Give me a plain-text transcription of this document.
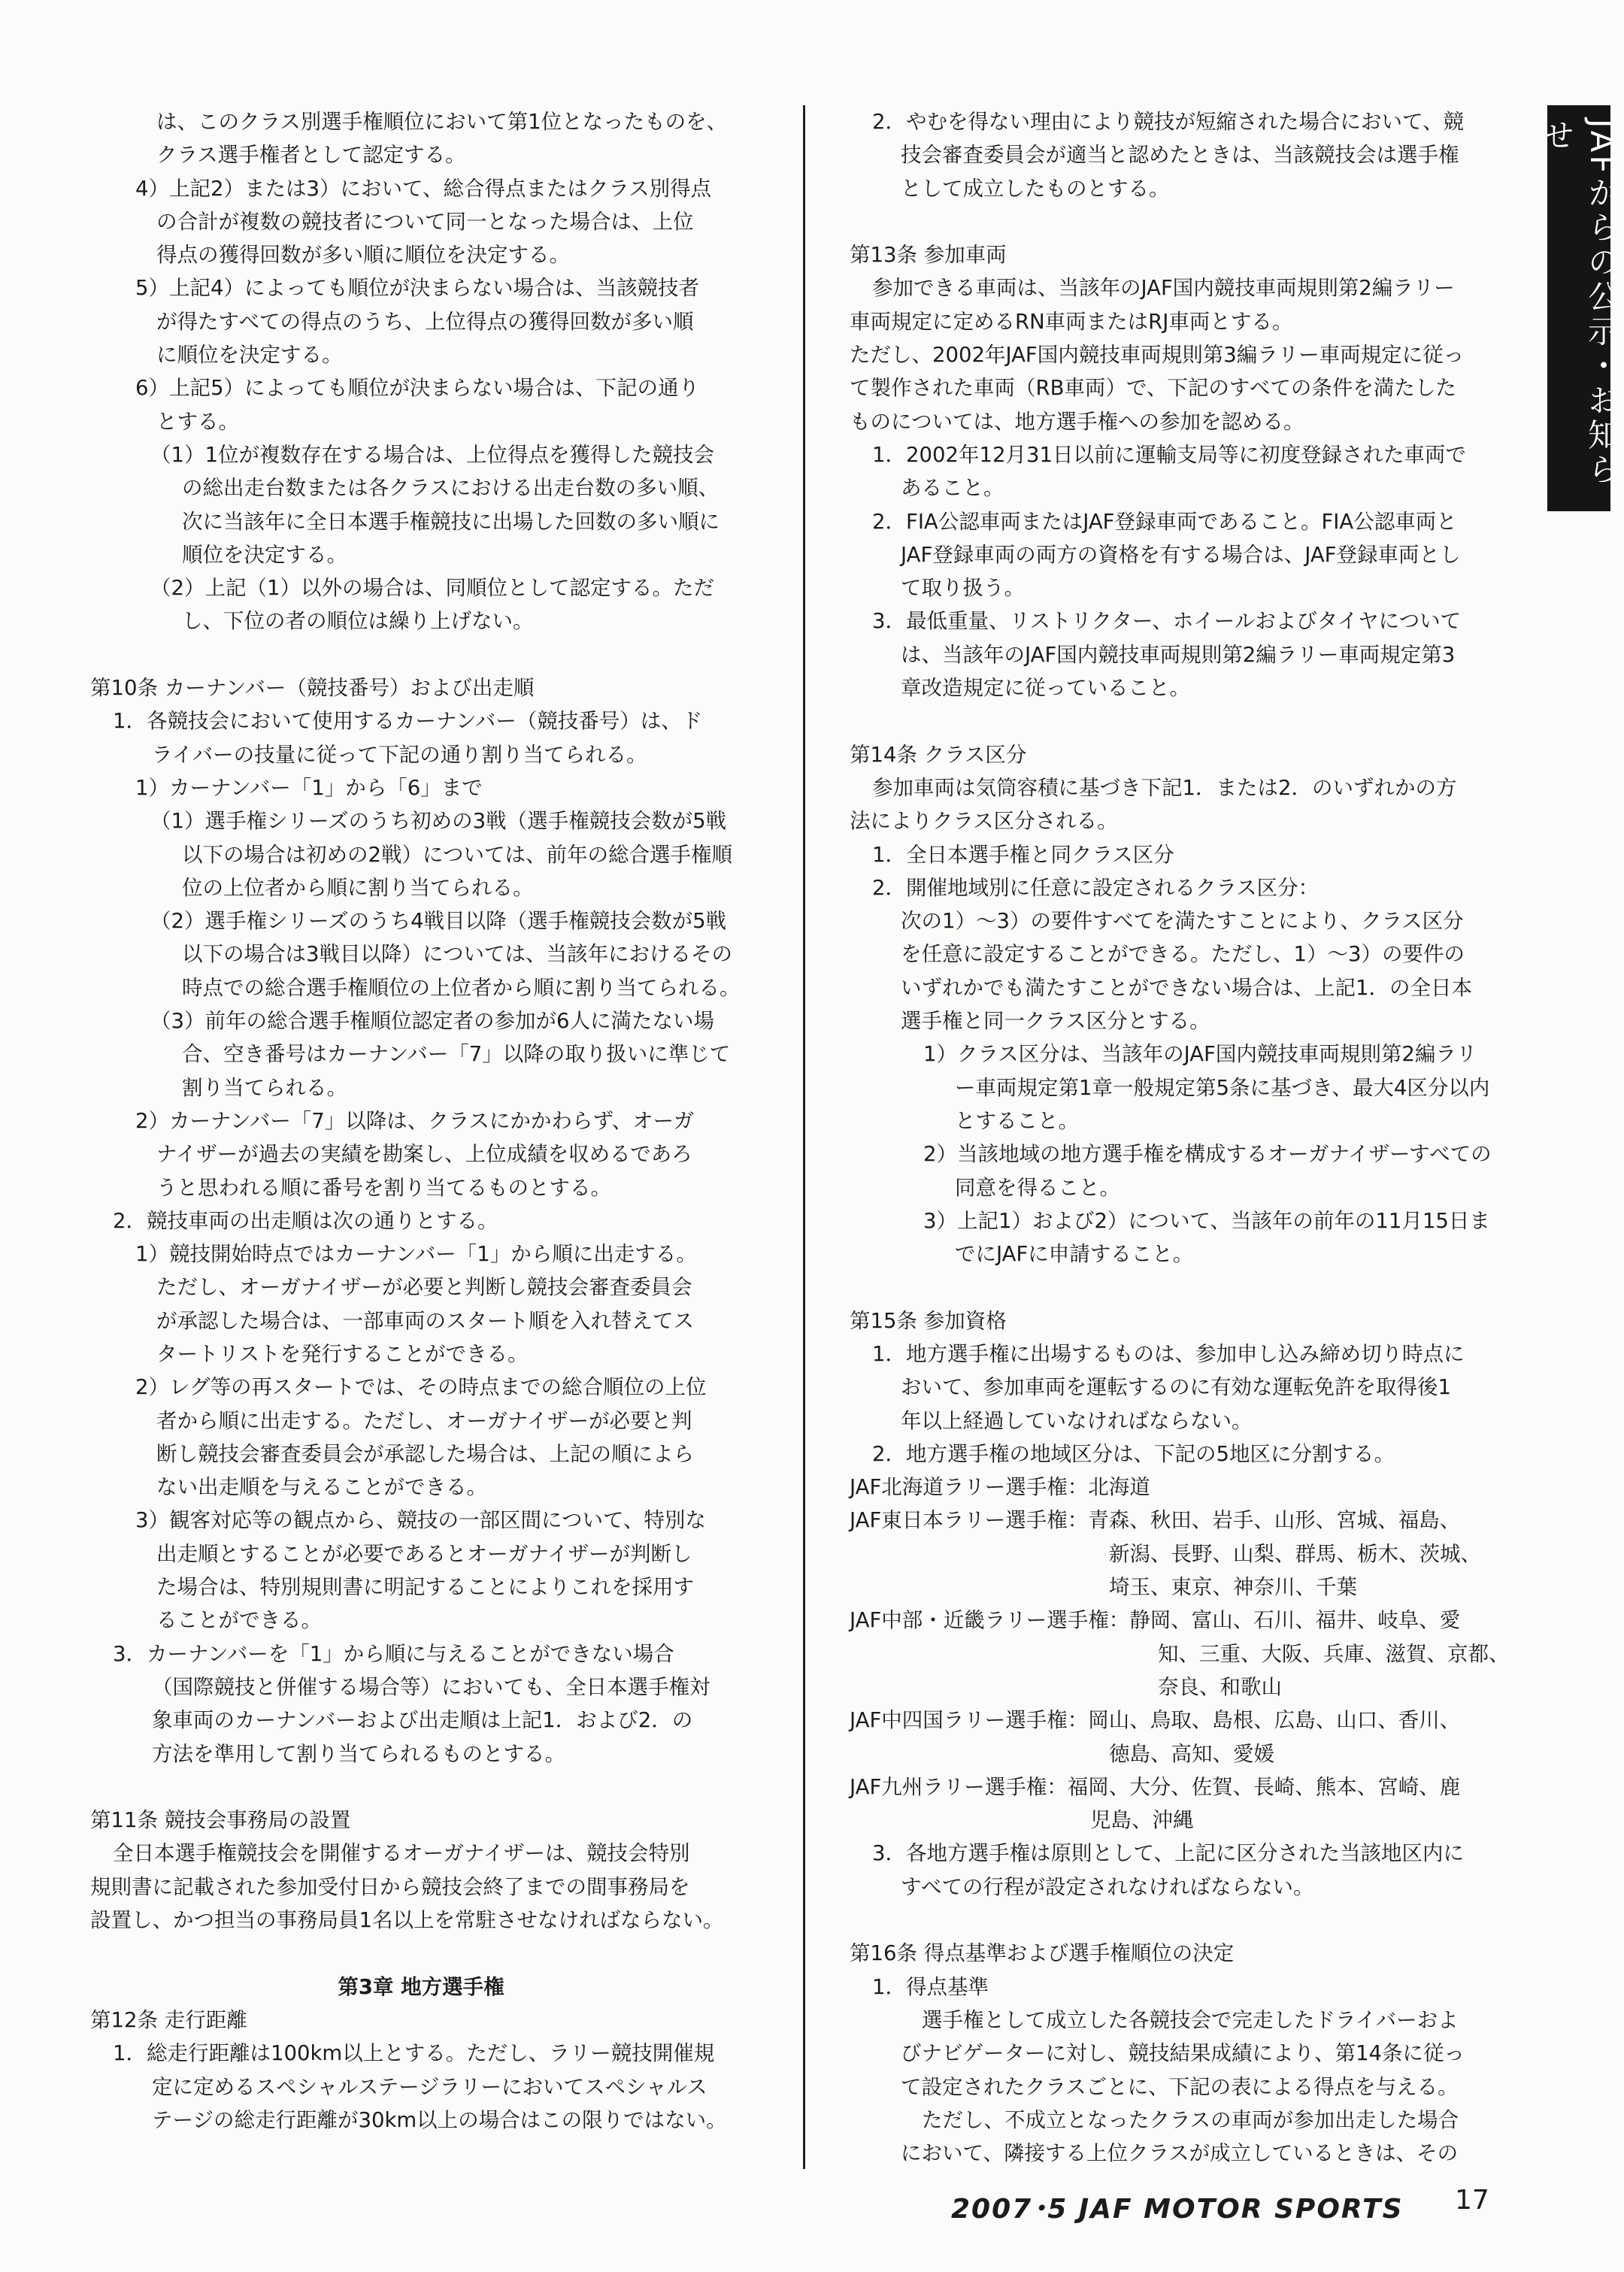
は、このクラス別選手権順位において第1位となったものを、
クラス選手権者として認定する。
4）上記2）または3）において、総合得点またはクラス別得点
の合計が複数の競技者について同一となった場合は、上位
得点の獲得回数が多い順に順位を決定する。
5）上記4）によっても順位が決まらない場合は、当該競技者
が得たすべての得点のうち、上位得点の獲得回数が多い順
に順位を決定する。
6）上記5）によっても順位が決まらない場合は、下記の通り
とする。
（1）1位が複数存在する場合は、上位得点を獲得した競技会
の総出走台数または各クラスにおける出走台数の多い順、
次に当該年に全日本選手権競技に出場した回数の多い順に
順位を決定する。
（2）上記（1）以外の場合は、同順位として認定する。ただ
し、下位の者の順位は繰り上げない。
第10条 カーナンバー（競技番号）および出走順
1．各競技会において使用するカーナンバー（競技番号）は、ド
ライバーの技量に従って下記の通り割り当てられる。
1）カーナンバー「1」から「6」まで
（1）選手権シリーズのうち初めの3戦（選手権競技会数が5戦
以下の場合は初めの2戦）については、前年の総合選手権順
位の上位者から順に割り当てられる。
（2）選手権シリーズのうち4戦目以降（選手権競技会数が5戦
以下の場合は3戦目以降）については、当該年におけるその
時点での総合選手権順位の上位者から順に割り当てられる。
（3）前年の総合選手権順位認定者の参加が6人に満たない場
合、空き番号はカーナンバー「7」以降の取り扱いに準じて
割り当てられる。
2）カーナンバー「7」以降は、クラスにかかわらず、オーガ
ナイザーが過去の実績を勘案し、上位成績を収めるであろ
うと思われる順に番号を割り当てるものとする。
2．競技車両の出走順は次の通りとする。
1）競技開始時点ではカーナンバー「1」から順に出走する。
ただし、オーガナイザーが必要と判断し競技会審査委員会
が承認した場合は、一部車両のスタート順を入れ替えてス
タートリストを発行することができる。
2）レグ等の再スタートでは、その時点までの総合順位の上位
者から順に出走する。ただし、オーガナイザーが必要と判
断し競技会審査委員会が承認した場合は、上記の順によら
ない出走順を与えることができる。
3）観客対応等の観点から、競技の一部区間について、特別な
出走順とすることが必要であるとオーガナイザーが判断し
た場合は、特別規則書に明記することによりこれを採用す
ることができる。
3．カーナンバーを「1」から順に与えることができない場合
（国際競技と併催する場合等）においても、全日本選手権対
象車両のカーナンバーおよび出走順は上記1．および2．の
方法を準用して割り当てられるものとする。
第11条 競技会事務局の設置
全日本選手権競技会を開催するオーガナイザーは、競技会特別
規則書に記載された参加受付日から競技会終了までの間事務局を
設置し、かつ担当の事務局員1名以上を常駐させなければならない。
第3章 地方選手権
第12条 走行距離
1．総走行距離は100km以上とする。ただし、ラリー競技開催規
定に定めるスペシャルステージラリーにおいてスペシャルス
テージの総走行距離が30km以上の場合はこの限りではない。
2．やむを得ない理由により競技が短縮された場合において、競
技会審査委員会が適当と認めたときは、当該競技会は選手権
として成立したものとする。
第13条 参加車両
参加できる車両は、当該年のJAF国内競技車両規則第2編ラリー
車両規定に定めるRN車両またはRJ車両とする。
ただし、2002年JAF国内競技車両規則第3編ラリー車両規定に従っ
て製作された車両（RB車両）で、下記のすべての条件を満たした
ものについては、地方選手権への参加を認める。
1．2002年12月31日以前に運輸支局等に初度登録された車両で
あること。
2．FIA公認車両またはJAF登録車両であること。FIA公認車両と
JAF登録車両の両方の資格を有する場合は、JAF登録車両とし
て取り扱う。
3．最低重量、リストリクター、ホイールおよびタイヤについて
は、当該年のJAF国内競技車両規則第2編ラリー車両規定第3
章改造規定に従っていること。
第14条 クラス区分
参加車両は気筒容積に基づき下記1．または2．のいずれかの方
法によりクラス区分される。
1．全日本選手権と同クラス区分
2．開催地域別に任意に設定されるクラス区分：
次の1）～3）の要件すべてを満たすことにより、クラス区分
を任意に設定することができる。ただし、1）～3）の要件の
いずれかでも満たすことができない場合は、上記1．の全日本
選手権と同一クラス区分とする。
1）クラス区分は、当該年のJAF国内競技車両規則第2編ラリ
ー車両規定第1章一般規定第5条に基づき、最大4区分以内
とすること。
2）当該地域の地方選手権を構成するオーガナイザーすべての
同意を得ること。
3）上記1）および2）について、当該年の前年の11月15日ま
でにJAFに申請すること。
第15条 参加資格
1．地方選手権に出場するものは、参加申し込み締め切り時点に
おいて、参加車両を運転するのに有効な運転免許を取得後1
年以上経過していなければならない。
2．地方選手権の地域区分は、下記の5地区に分割する。
JAF北海道ラリー選手権：北海道
JAF東日本ラリー選手権：青森、秋田、岩手、山形、宮城、福島、
新潟、長野、山梨、群馬、栃木、茨城、
埼玉、東京、神奈川、千葉
JAF中部・近畿ラリー選手権：静岡、富山、石川、福井、岐阜、愛
知、三重、大阪、兵庫、滋賀、京都、
奈良、和歌山
JAF中四国ラリー選手権：岡山、鳥取、島根、広島、山口、香川、
徳島、高知、愛媛
JAF九州ラリー選手権：福岡、大分、佐賀、長崎、熊本、宮崎、鹿
児島、沖縄
3．各地方選手権は原則として、上記に区分された当該地区内に
すべての行程が設定されなければならない。
第16条 得点基準および選手権順位の決定
1．得点基準
選手権として成立した各競技会で完走したドライバーおよ
びナビゲーターに対し、競技結果成績により、第14条に従っ
て設定されたクラスごとに、下記の表による得点を与える。
ただし、不成立となったクラスの車両が参加出走した場合
において、隣接する上位クラスが成立しているときは、その
JAFからの公示・お知らせ
2007･5 JAF MOTOR SPORTS 17
